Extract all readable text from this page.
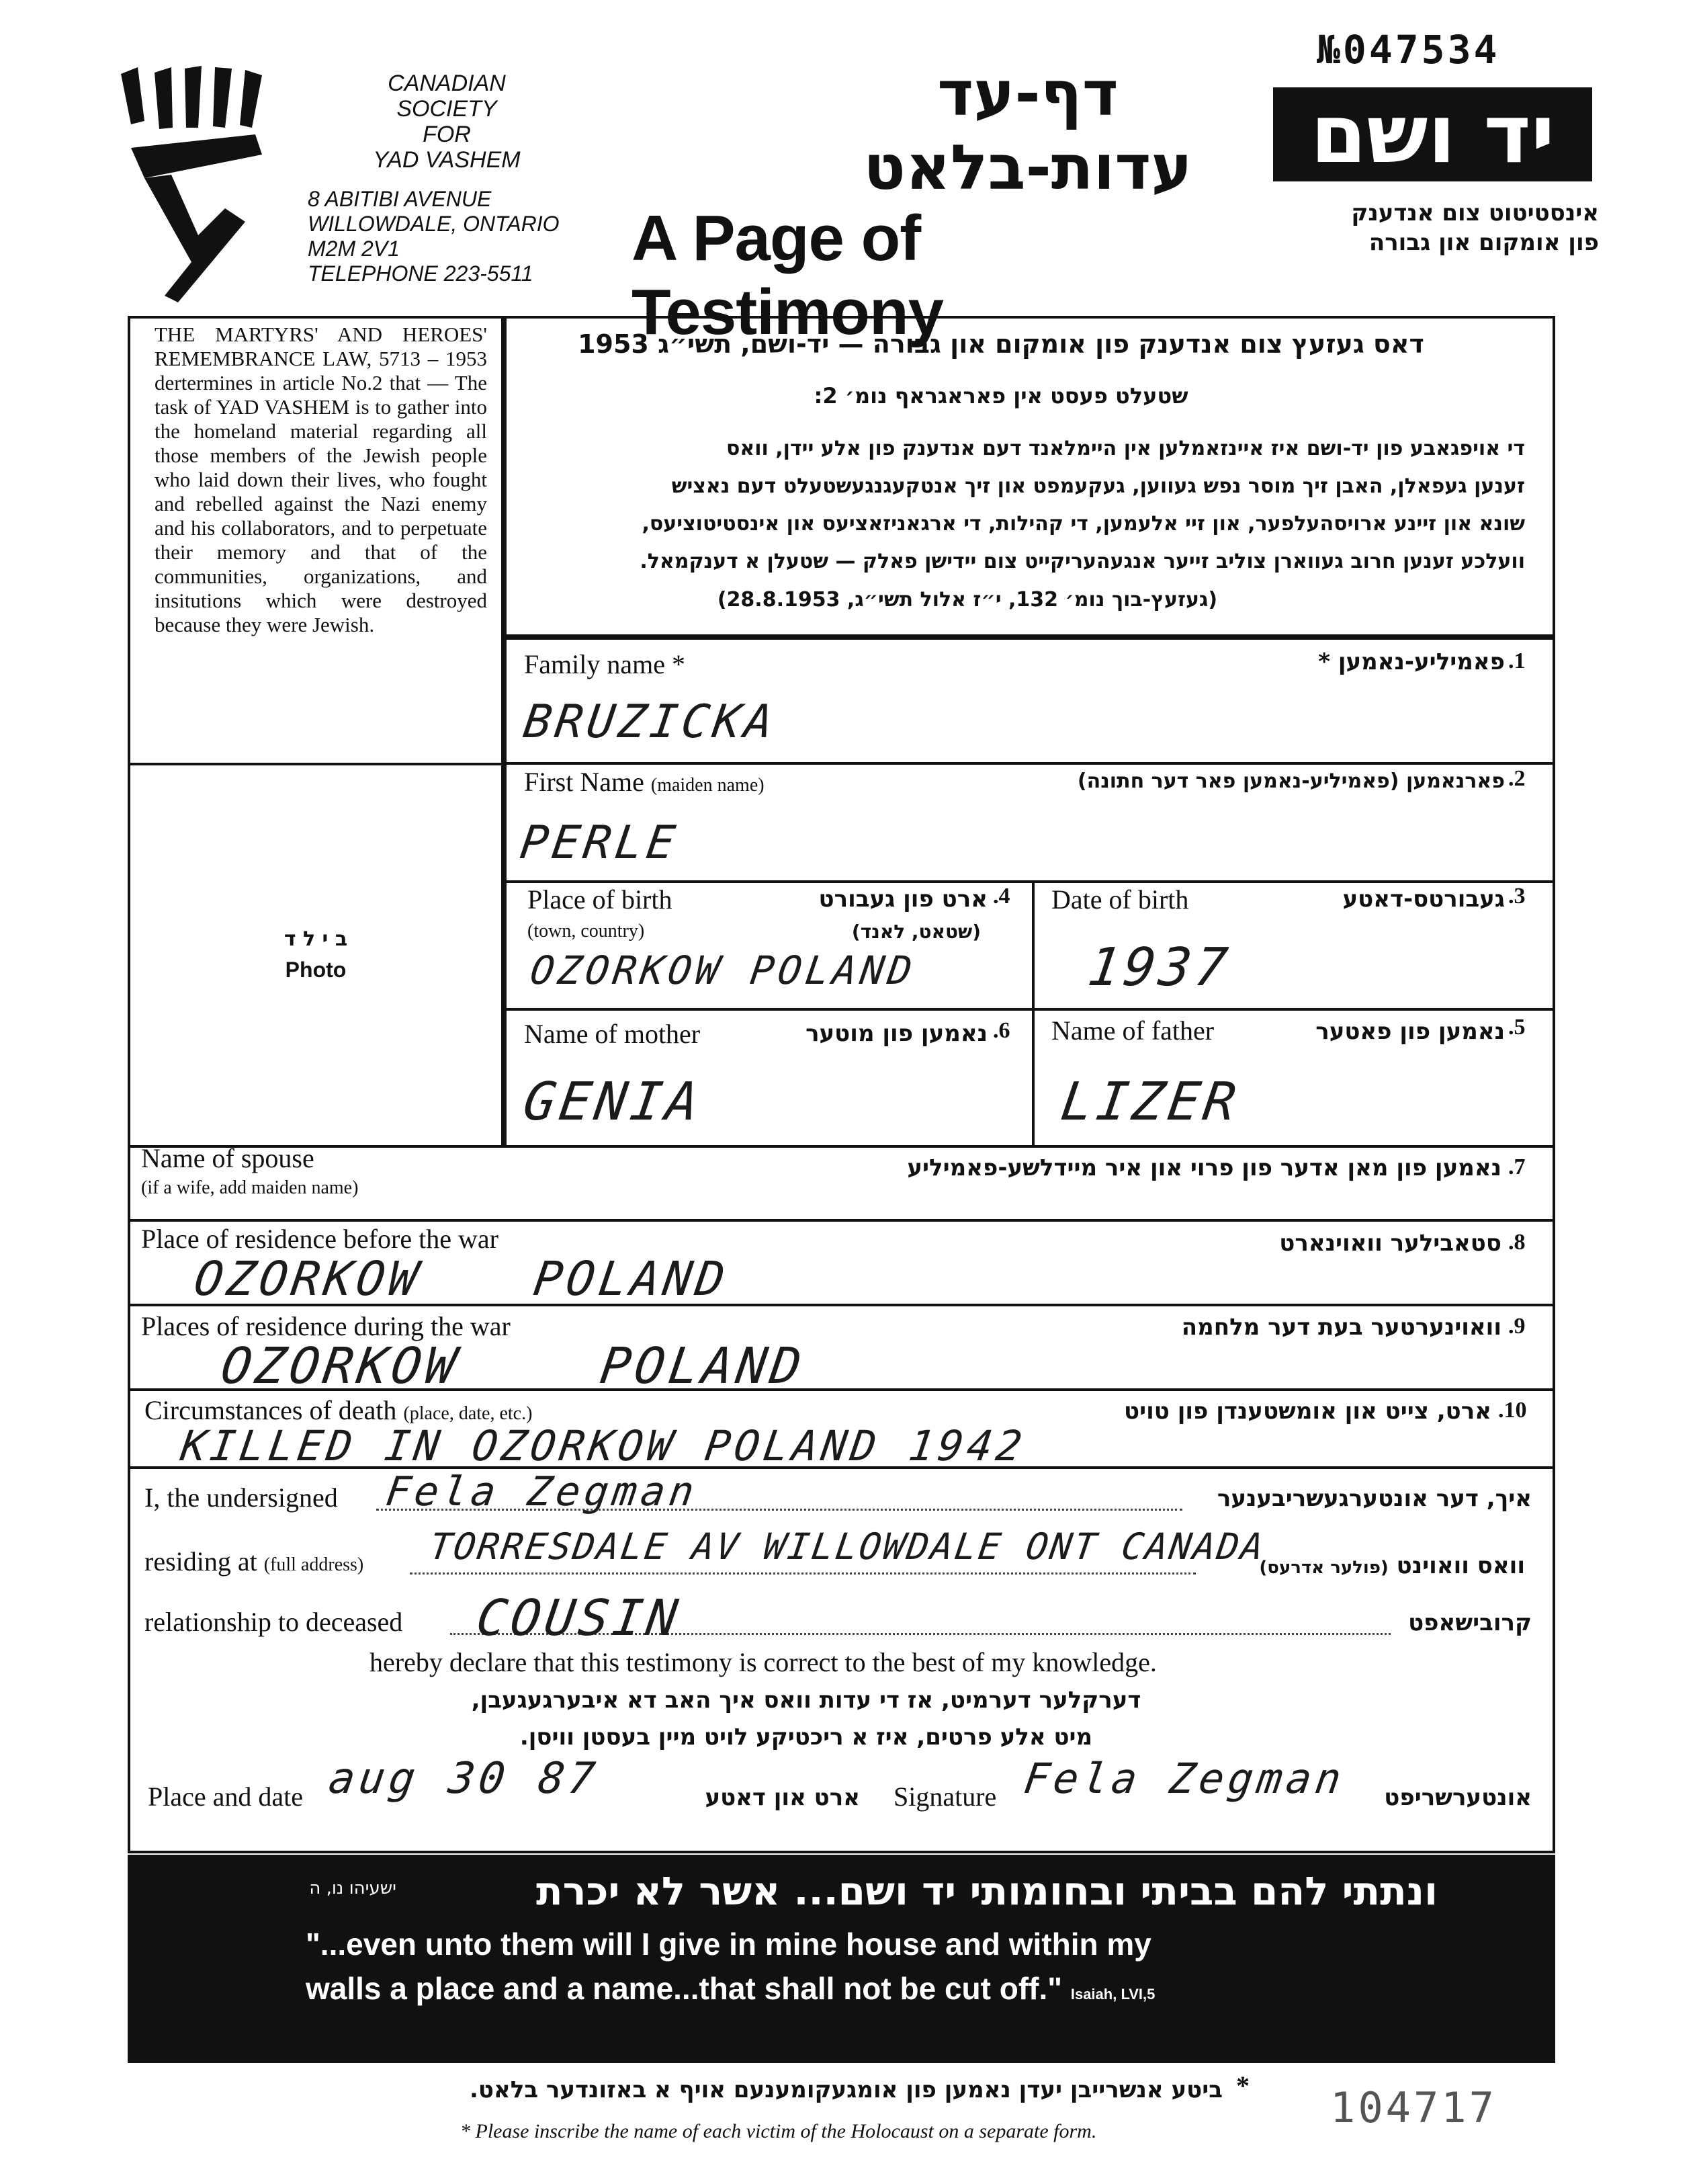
№047534
CANADIAN
SOCIETY
FOR
YAD VASHEM
8 ABITIBI AVENUE
WILLOWDALE, ONTARIO
M2M 2V1
TELEPHONE 223-5511
דף-עד
עדות-בלאט
A Page of Testimony
יד ושם
אינסטיטוט צום אנדענק
פון אומקום און גבורה
THE MARTYRS' AND HEROES' REMEMBRANCE LAW, 5713 – 1953 dertermines in article No.2 that — The task of YAD VASHEM is to gather into the homeland material regarding all those members of the Jewish people who laid down their lives, who fought and rebelled against the Nazi enemy and his collaborators, and to perpetuate their memory and that of the communities, organizations, and insitutions which were destroyed because they were Jewish.
ב י ל ד
Photo
דאס געזעץ צום אנדענק פון אומקום און גבורה — יד-ושם, תשי״ג 1953
שטעלט פעסט אין פאראגראף נומ׳ 2:
די אויפגאבע פון יד-ושם איז איינזאמלען אין היימלאנד דעם אנדענק פון אלע יידן, וואס
זענען געפאלן, האבן זיך מוסר נפש געווען, געקעמפט און זיך אנטקעגנגעשטעלט דעם נאציש
שונא און זיינע ארויסהעלפער, און זיי אלעמען, די קהילות, די ארגאניזאציעס און אינסטיטוציעס,
וועלכע זענען חרוב געווארן צוליב זייער אנגעהעריקייט צום יידישן פאלק — שטעלן א דענקמאל.
(געזעץ-בוך נומ׳ 132, י״ז אלול תשי״ג, 28.8.1953)
Family name *	פאמיליע-נאמען * .1
BRUZICKA
First Name (maiden name)	פארנאמען (פאמיליע-נאמען פאר דער חתונה) .2
PERLE
Place of birth
(town, country)
ארט פון געבורט
(שטאט, לאנד)
.4
OZORKOW POLAND
Date of birth	געבורטס-דאטע .3
1937
Name of mother	נאמען פון מוטער .6
GENIA
Name of father	נאמען פון פאטער .5
LIZER
Name of spouse
(if a wife, add maiden name)
נאמען פון מאן אדער פון פרוי און איר מיידלשע-פאמיליע .7
Place of residence before the war	סטאבילער וואוינארט .8
OZORKOW POLAND
Places of residence during the war	וואוינערטער בעת דער מלחמה .9
OZORKOW POLAND
Circumstances of death (place, date, etc.)	ארט, צייט און אומשטענדן פון טויט .10
KILLED IN OZORKOW POLAND 1942
I, the undersigned Fela Zegman	איך, דער אונטערגעשריבענער
residing at (full address) TORRESDALE AV WILLOWDALE ONT CANADA	וואס וואוינט (פולער אדרעס)
relationship to deceased COUSIN	קרובישאפט
hereby declare that this testimony is correct to the best of my knowledge.
דערקלער דערמיט, אז די עדות וואס איך האב דא איבערגעגעבן,
מיט אלע פרטים, איז א ריכטיקע לויט מיין בעסטן וויסן.
Place and date aug 30 87	ארט און דאטע Signature Fela Zegman	אונטערשריפט
ונתתי להם בביתי ובחומותי יד ושם... אשר לא יכרת
ישעיהו נו, ה
"...even unto them will I give in mine house and within my
walls a place and a name...that shall not be cut off." Isaiah, LVI,5
ביטע אנשרייבן יעדן נאמען פון אומגעקומענעם אויף א באזונדער בלאט. *
* Please inscribe the name of each victim of the Holocaust on a separate form.	104717
